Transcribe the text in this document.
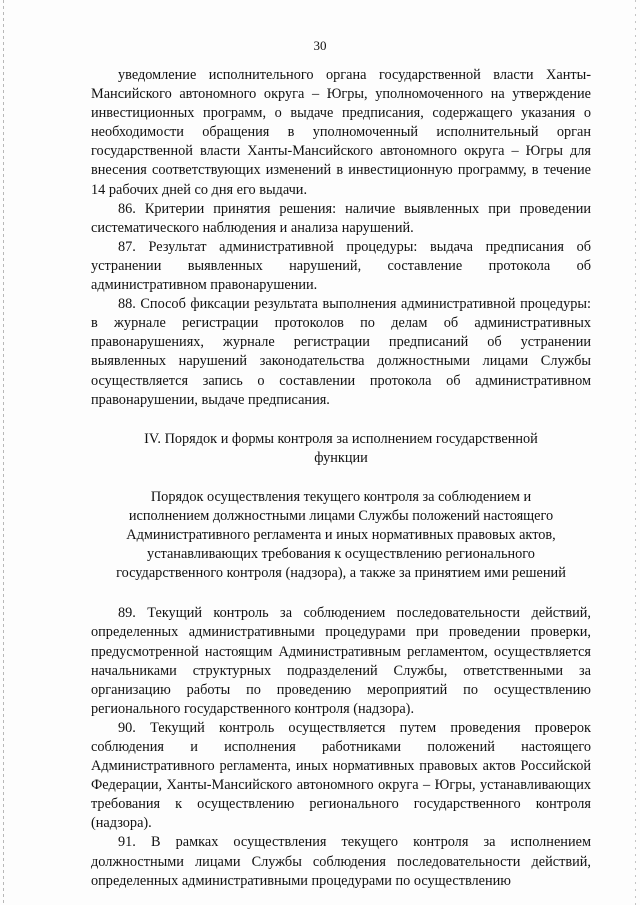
30

уведомление исполнительного органа государственной власти Ханты-Мансийского автономного округа – Югры, уполномоченного на утверждение инвестиционных программ, о выдаче предписания, содержащего указания о необходимости обращения в уполномоченный исполнительный орган государственной власти Ханты-Мансийского автономного округа – Югры для внесения соответствующих изменений в инвестиционную программу, в течение 14 рабочих дней со дня его выдачи.

86. Критерии принятия решения: наличие выявленных при проведении систематического наблюдения и анализа нарушений.

87. Результат административной процедуры: выдача предписания об устранении выявленных нарушений, составление протокола об административном правонарушении.

88. Способ фиксации результата выполнения административной процедуры: в журнале регистрации протоколов по делам об административных правонарушениях, журнале регистрации предписаний об устранении выявленных нарушений законодательства должностными лицами Службы осуществляется запись о составлении протокола об административном правонарушении, выдаче предписания.

IV. Порядок и формы контроля за исполнением государственной функции

Порядок осуществления текущего контроля за соблюдением и исполнением должностными лицами Службы положений настоящего Административного регламента и иных нормативных правовых актов, устанавливающих требования к осуществлению регионального государственного контроля (надзора), а также за принятием ими решений

89. Текущий контроль за соблюдением последовательности действий, определенных административными процедурами при проведении проверки, предусмотренной настоящим Административным регламентом, осуществляется начальниками структурных подразделений Службы, ответственными за организацию работы по проведению мероприятий по осуществлению регионального государственного контроля (надзора).

90. Текущий контроль осуществляется путем проведения проверок соблюдения и исполнения работниками положений настоящего Административного регламента, иных нормативных правовых актов Российской Федерации, Ханты-Мансийского автономного округа – Югры, устанавливающих требования к осуществлению регионального государственного контроля (надзора).

91. В рамках осуществления текущего контроля за исполнением должностными лицами Службы соблюдения последовательности действий, определенных административными процедурами по осуществлению
